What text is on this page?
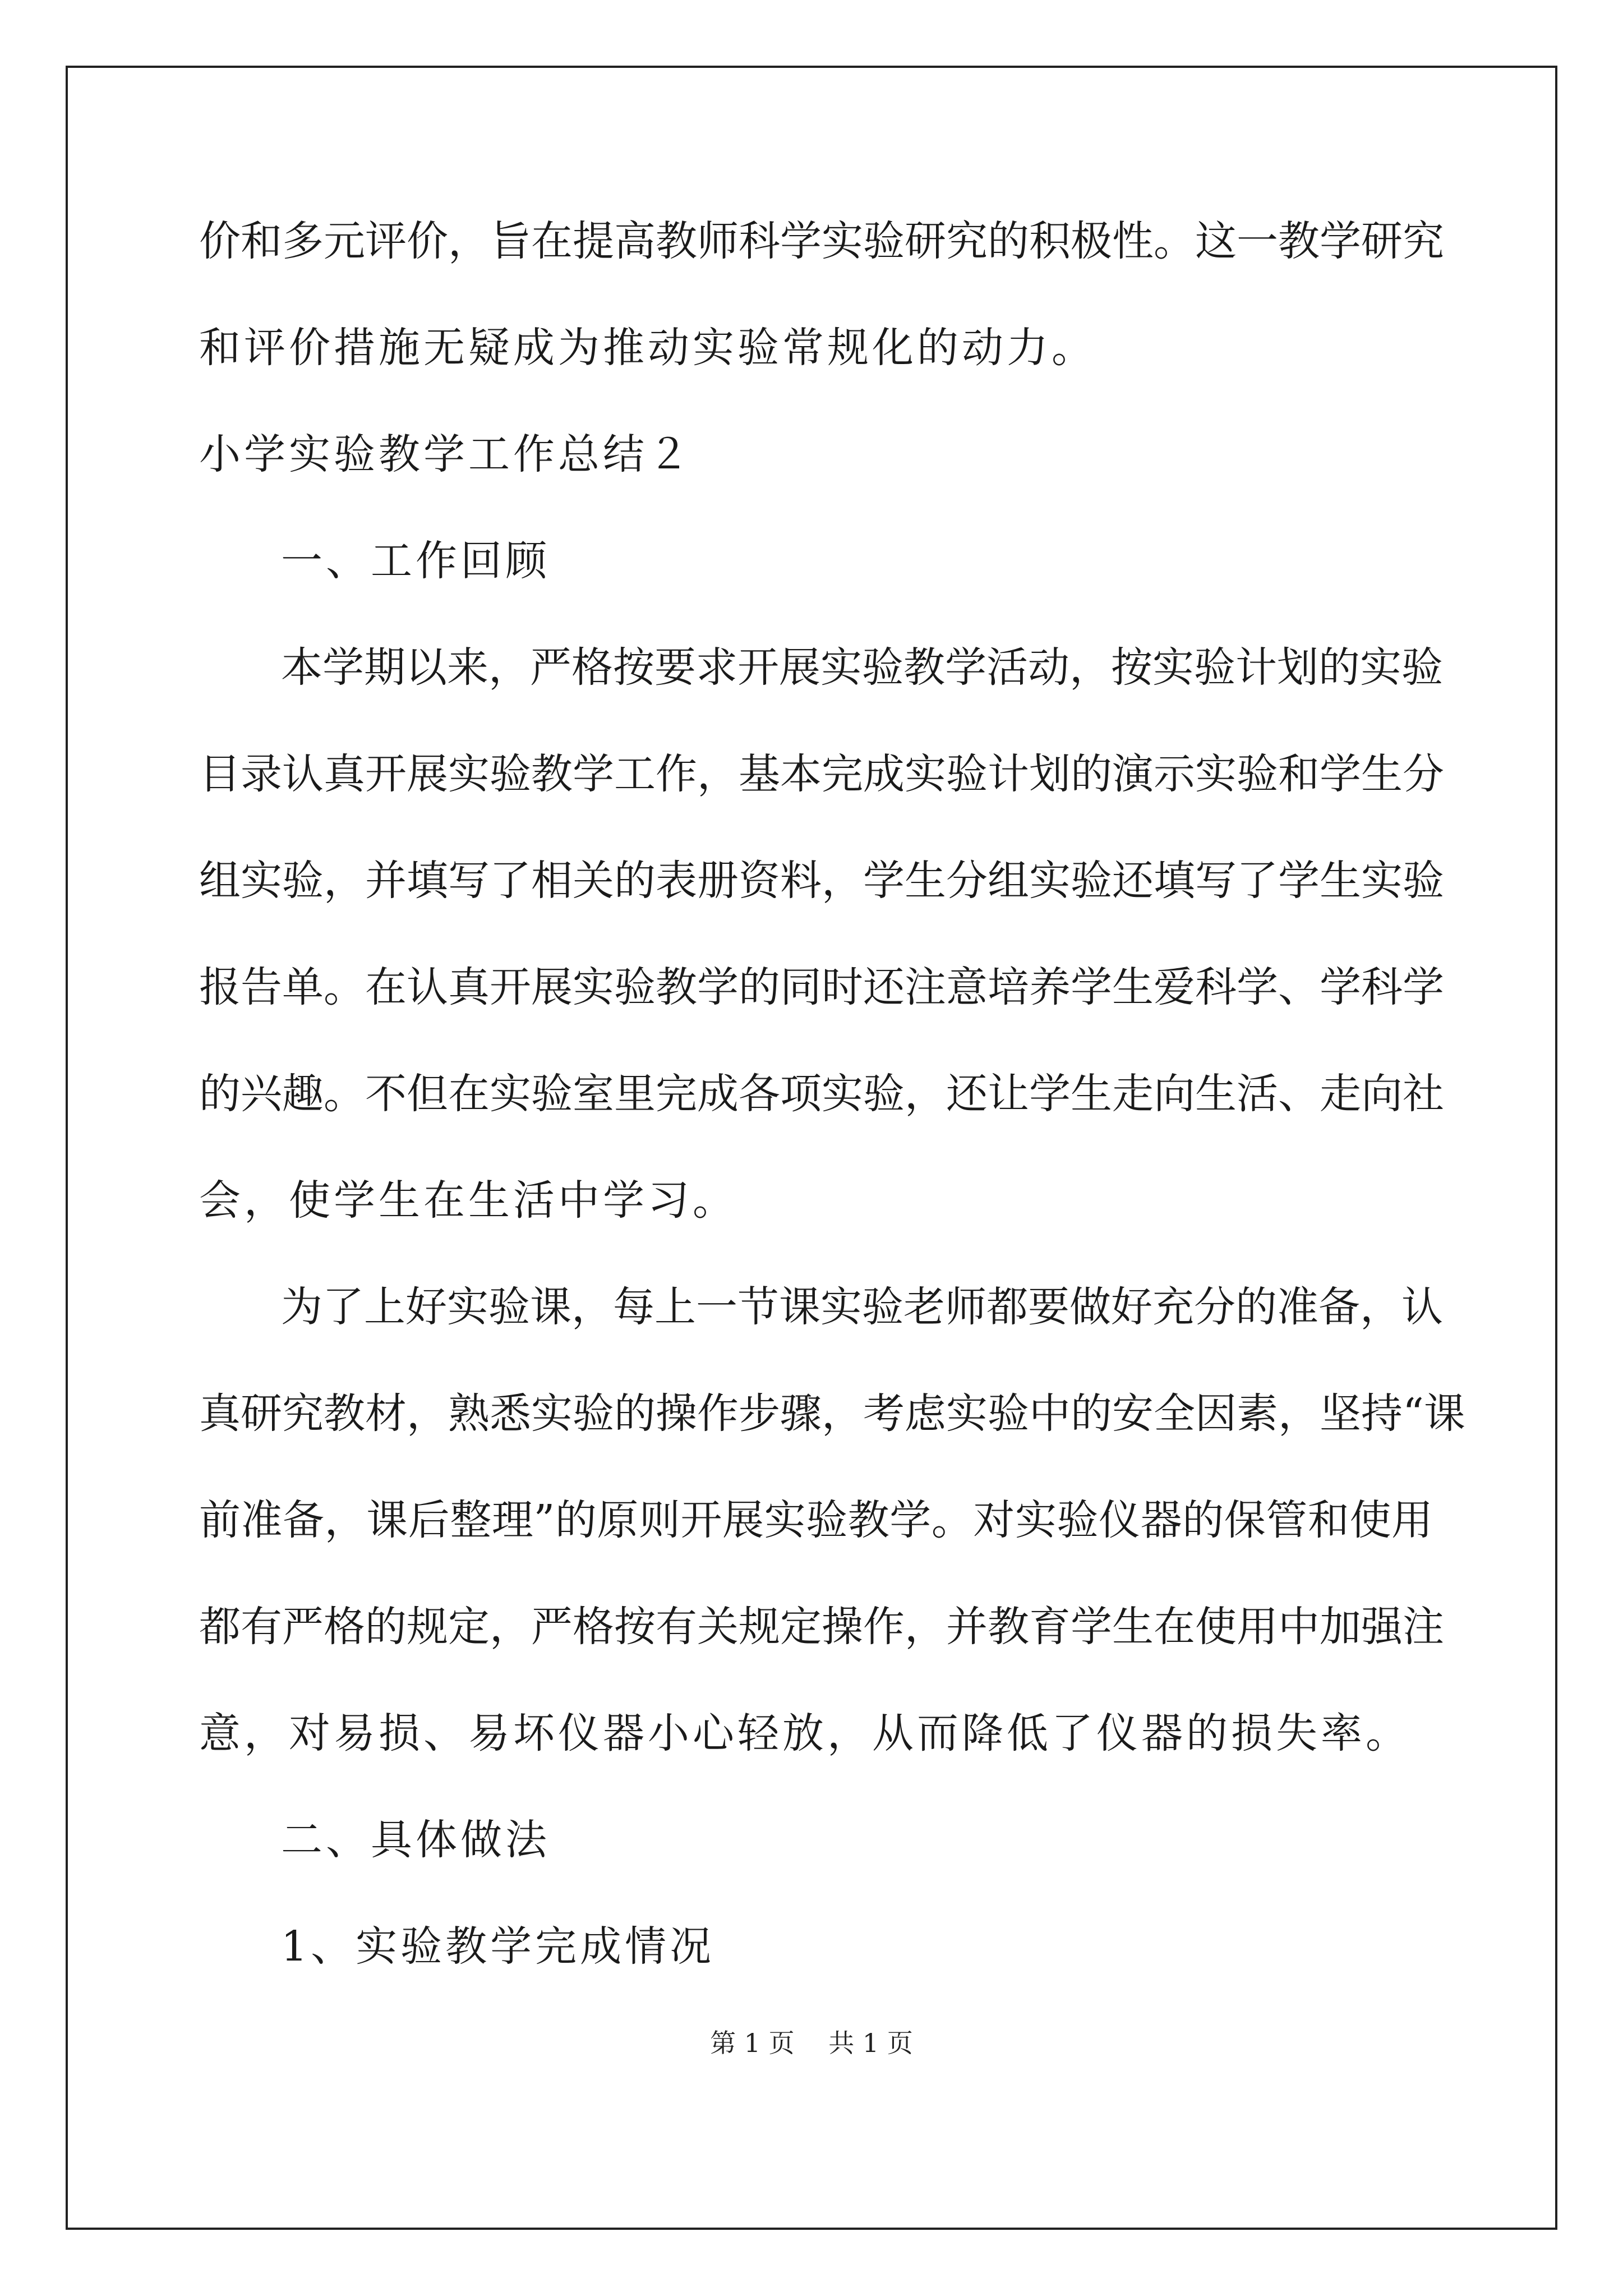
价和多元评价，旨在提高教师科学实验研究的积极性。这一教学研究

和评价措施无疑成为推动实验常规化的动力。

小学实验教学工作总结２

一、工作回顾

本学期以来，严格按要求开展实验教学活动，按实验计划的实验

目录认真开展实验教学工作，基本完成实验计划的演示实验和学生分

组实验，并填写了相关的表册资料，学生分组实验还填写了学生实验

报告单。在认真开展实验教学的同时还注意培养学生爱科学、学科学

的兴趣。不但在实验室里完成各项实验，还让学生走向生活、走向社

会，使学生在生活中学习。

为了上好实验课，每上一节课实验老师都要做好充分的准备，认

真研究教材，熟悉实验的操作步骤，考虑实验中的安全因素，坚持“课

前准备，课后整理”的原则开展实验教学。对实验仪器的保管和使用

都有严格的规定，严格按有关规定操作，并教育学生在使用中加强注

意，对易损、易坏仪器小心轻放，从而降低了仪器的损失率。

二、具体做法

1、实验教学完成情况

第 1 页　 共 1 页
